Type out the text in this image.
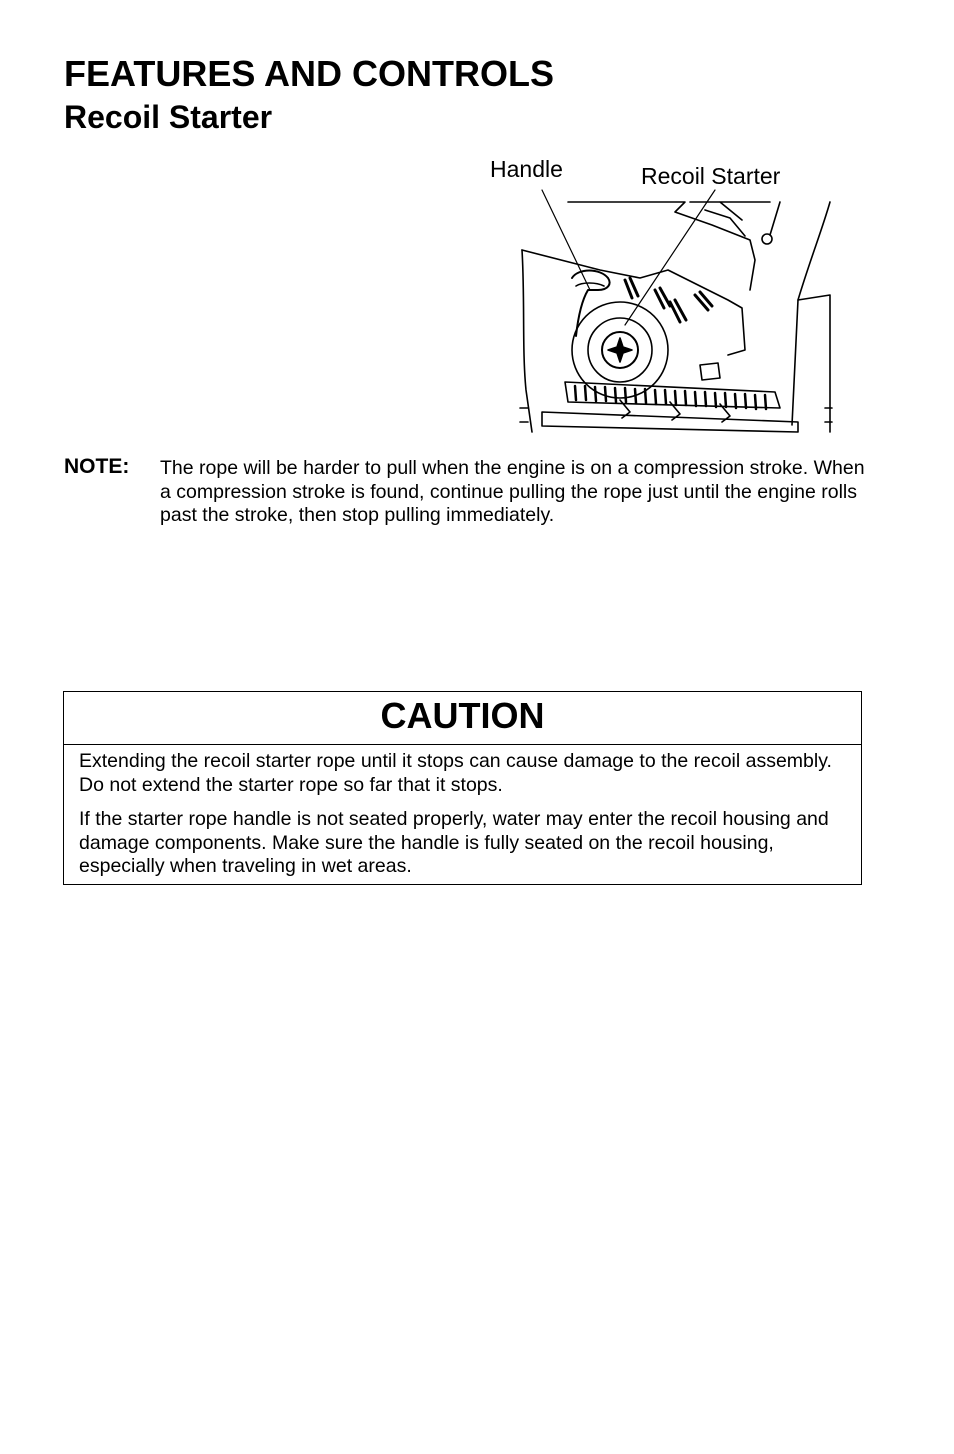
FEATURES AND CONTROLS
Recoil Starter
Handle	Recoil Starter
NOTE: The rope will be harder to pull when the engine is on a compression stroke. When a compression stroke is found, continue pulling the rope just until the engine rolls past the stroke, then stop pulling immediately.

CAUTION

Extending the recoil starter rope until it stops can cause damage to the recoil assembly. Do not extend the starter rope so far that it stops.

If the starter rope handle is not seated properly, water may enter the recoil housing and damage components. Make sure the handle is fully seated on the recoil housing, especially when traveling in wet areas.
